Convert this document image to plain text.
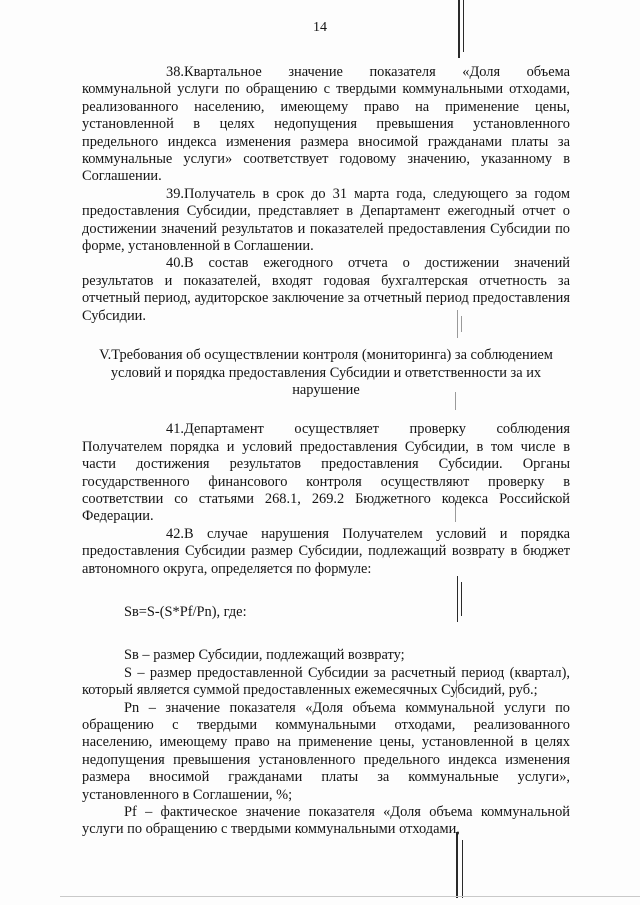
14

38.Квартальное значение показателя «Доля объема коммунальной услуги по обращению с твердыми коммунальными отходами, реализованного населению, имеющему право на применение цены, установленной в целях недопущения превышения установленного предельного индекса изменения размера вносимой гражданами платы за коммунальные услуги» соответствует годовому значению, указанному в Соглашении.

39.Получатель в срок до 31 марта года, следующего за годом предоставления Субсидии, представляет в Департамент ежегодный отчет о достижении значений результатов и показателей предоставления Субсидии по форме, установленной в Соглашении.

40.В состав ежегодного отчета о достижении значений результатов и показателей, входят годовая бухгалтерская отчетность за отчетный период, аудиторское заключение за отчетный период предоставления Субсидии.

V.Требования об осуществлении контроля (мониторинга) за соблюдением условий и порядка предоставления Субсидии и ответственности за их нарушение

41.Департамент осуществляет проверку соблюдения Получателем порядка и условий предоставления Субсидии, в том числе в части достижения результатов предоставления Субсидии. Органы государственного финансового контроля осуществляют проверку в соответствии со статьями 268.1, 269.2 Бюджетного кодекса Российской Федерации.

42.В случае нарушения Получателем условий и порядка предоставления Субсидии размер Субсидии, подлежащий возврату в бюджет автономного округа, определяется по формуле:

Sв=S-(S*Pf/Pn), где:

Sв – размер Субсидии, подлежащий возврату;

S – размер предоставленной Субсидии за расчетный период (квартал), который является суммой предоставленных ежемесячных Субсидий, руб.;

Pn – значение показателя «Доля объема коммунальной услуги по обращению с твердыми коммунальными отходами, реализованного населению, имеющему право на применение цены, установленной в целях недопущения превышения установленного предельного индекса изменения размера вносимой гражданами платы за коммунальные услуги», установленного в Соглашении, %;

Pf – фактическое значение показателя «Доля объема коммунальной услуги по обращению с твердыми коммунальными отходами,
